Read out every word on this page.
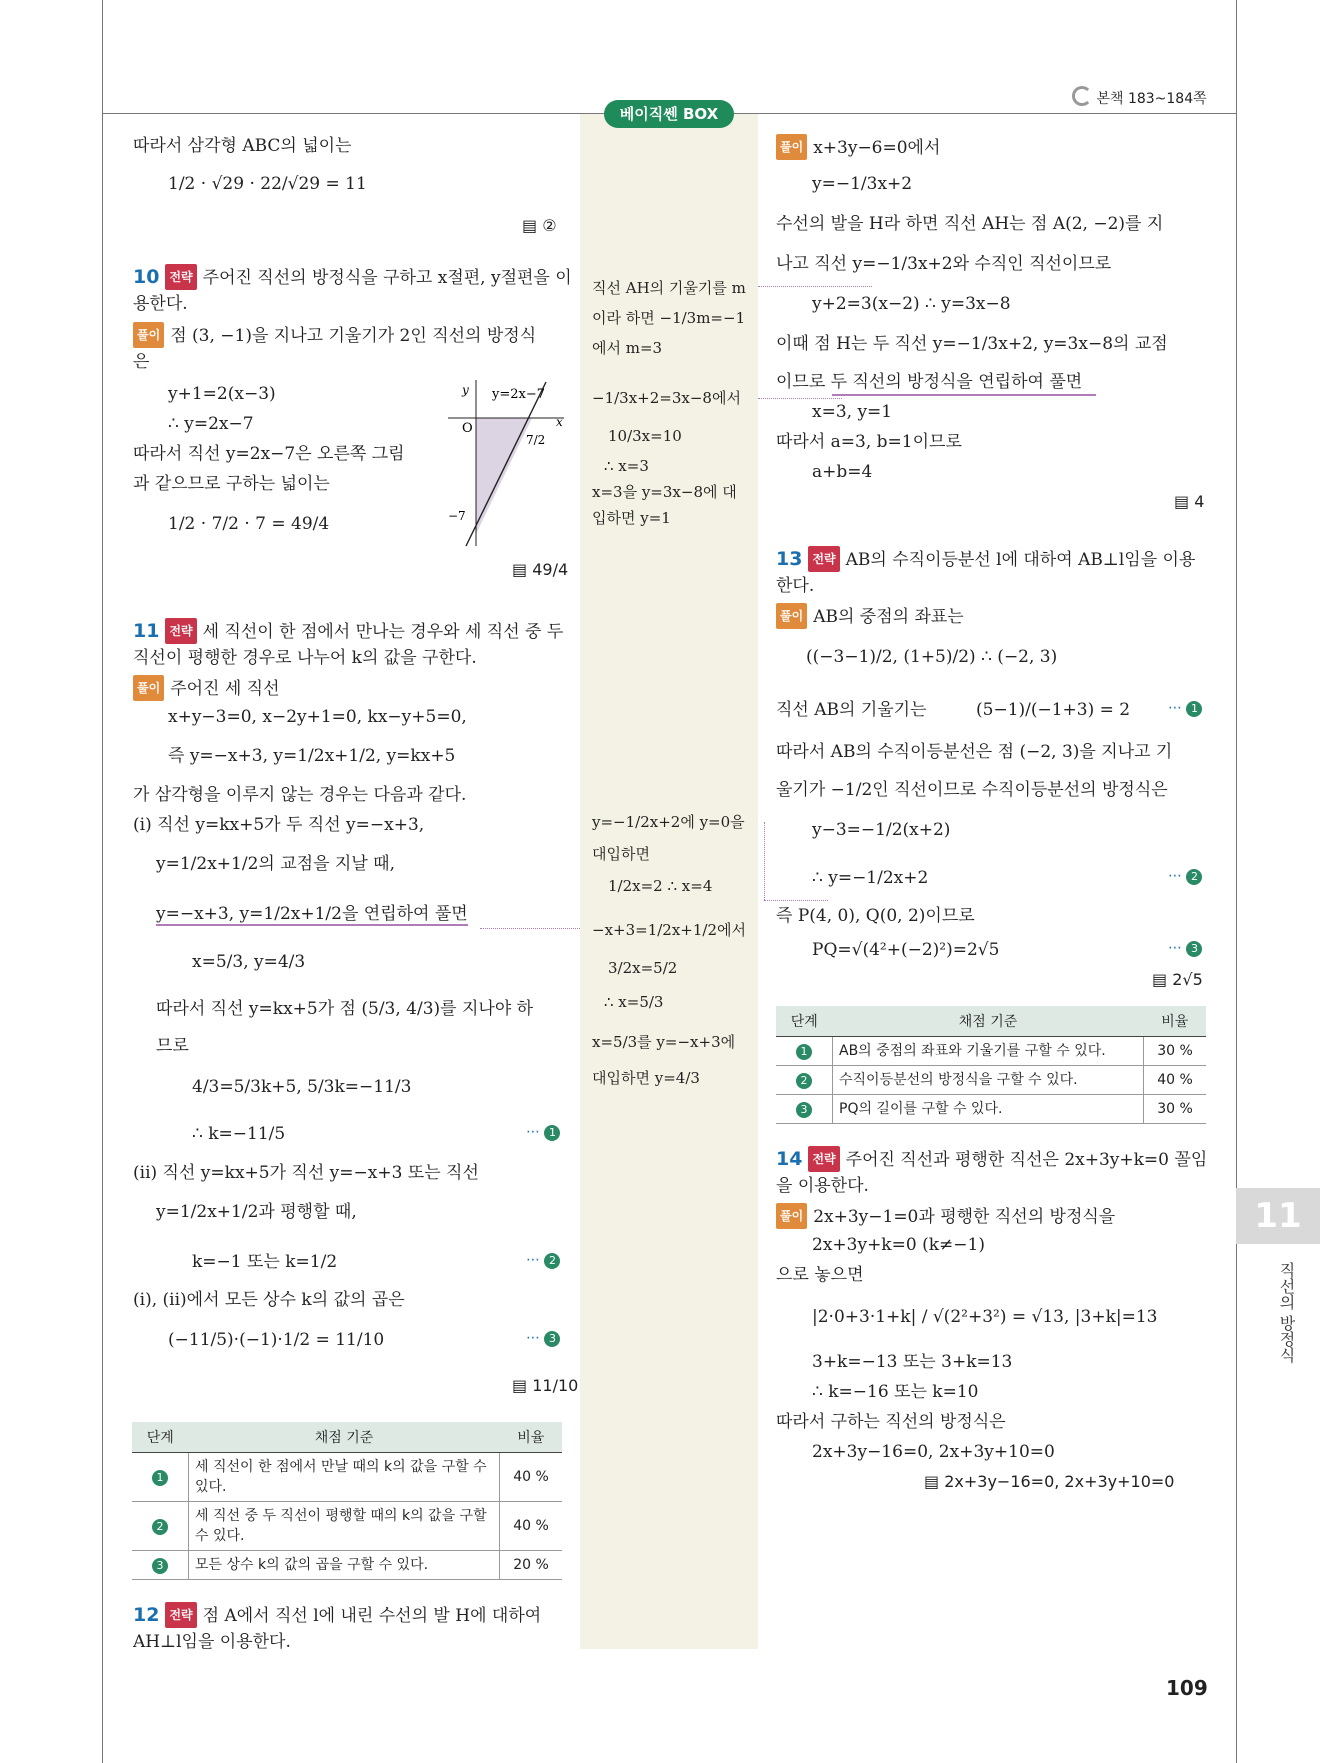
본책 183~184쪽
베이직쎈 BOX
따라서 삼각형 ABC의 넓이는
1/2 · √29 · 22/√29 = 11
▤ ②
10 전략 주어진 직선의 방정식을 구하고 x절편, y절편을 이
용한다.
풀이 점 (3, −1)을 지나고 기울기가 2인 직선의 방정식
은
y+1=2(x−3)
∴ y=2x−7
따라서 직선 y=2x−7은 오른쪽 그림
과 같으므로 구하는 넓이는
1/2 · 7/2 · 7 = 49/4
y y=2x−7
x
O
7/2
−7
▤ 49/4
11 전략 세 직선이 한 점에서 만나는 경우와 세 직선 중 두
직선이 평행한 경우로 나누어 k의 값을 구한다.
풀이 주어진 세 직선
x+y−3=0, x−2y+1=0, kx−y+5=0,
즉 y=−x+3, y=1/2x+1/2, y=kx+5
가 삼각형을 이루지 않는 경우는 다음과 같다.
(i) 직선 y=kx+5가 두 직선 y=−x+3,
y=1/2x+1/2의 교점을 지날 때,
y=−x+3, y=1/2x+1/2을 연립하여 풀면
x=5/3, y=4/3
따라서 직선 y=kx+5가 점 (5/3, 4/3)를 지나야 하
므로
4/3=5/3k+5, 5/3k=−11/3
∴ k=−11/5	⋯ 1
(ii) 직선 y=kx+5가 직선 y=−x+3 또는 직선
y=1/2x+1/2과 평행할 때,
k=−1 또는 k=1/2	⋯ 2
(i), (ii)에서 모든 상수 k의 값의 곱은
(−11/5)·(−1)·1/2 = 11/10	⋯ 3
▤ 11/10
단계	채점 기준	비율
1	세 직선이 한 점에서 만날 때의 k의 값을 구할 수 있다.	40 %
2	세 직선 중 두 직선이 평행할 때의 k의 값을 구할 수 있다.	40 %
3	모든 상수 k의 값의 곱을 구할 수 있다.	20 %
12 전략 점 A에서 직선 l에 내린 수선의 발 H에 대하여
AH⊥l임을 이용한다.
직선 AH의 기울기를 m
이라 하면 −1/3m=−1
에서 m=3
−1/3x+2=3x−8에서
10/3x=10
∴ x=3
x=3을 y=3x−8에 대
입하면 y=1
y=−1/2x+2에 y=0을
대입하면
1/2x=2 ∴ x=4
−x+3=1/2x+1/2에서
3/2x=5/2
∴ x=5/3
x=5/3를 y=−x+3에
대입하면 y=4/3
풀이 x+3y−6=0에서
y=−1/3x+2
수선의 발을 H라 하면 직선 AH는 점 A(2, −2)를 지
나고 직선 y=−1/3x+2와 수직인 직선이므로
y+2=3(x−2) ∴ y=3x−8
이때 점 H는 두 직선 y=−1/3x+2, y=3x−8의 교점
이므로 두 직선의 방정식을 연립하여 풀면
x=3, y=1
따라서 a=3, b=1이므로
a+b=4
▤ 4
13 전략 AB의 수직이등분선 l에 대하여 AB⊥l임을 이용
한다.
풀이 AB의 중점의 좌표는
((−3−1)/2, (1+5)/2) ∴ (−2, 3)
직선 AB의 기울기는	(5−1)/(−1+3) = 2	⋯ 1
따라서 AB의 수직이등분선은 점 (−2, 3)을 지나고 기
울기가 −1/2인 직선이므로 수직이등분선의 방정식은
y−3=−1/2(x+2)
∴ y=−1/2x+2	⋯ 2
즉 P(4, 0), Q(0, 2)이므로
PQ=√(4²+(−2)²)=2√5	⋯ 3
▤ 2√5
단계	채점 기준	비율
1	AB의 중점의 좌표와 기울기를 구할 수 있다.	30 %
2	수직이등분선의 방정식을 구할 수 있다.	40 %
3	PQ의 길이를 구할 수 있다.	30 %
14 전략 주어진 직선과 평행한 직선은 2x+3y+k=0 꼴임
을 이용한다.
풀이 2x+3y−1=0과 평행한 직선의 방정식을
2x+3y+k=0 (k≠−1)
으로 놓으면
|2·0+3·1+k| / √(2²+3²) = √13, |3+k|=13
3+k=−13 또는 3+k=13
∴ k=−16 또는 k=10
따라서 구하는 직선의 방정식은
2x+3y−16=0, 2x+3y+10=0
▤ 2x+3y−16=0, 2x+3y+10=0
11
직선의 방정식
109
